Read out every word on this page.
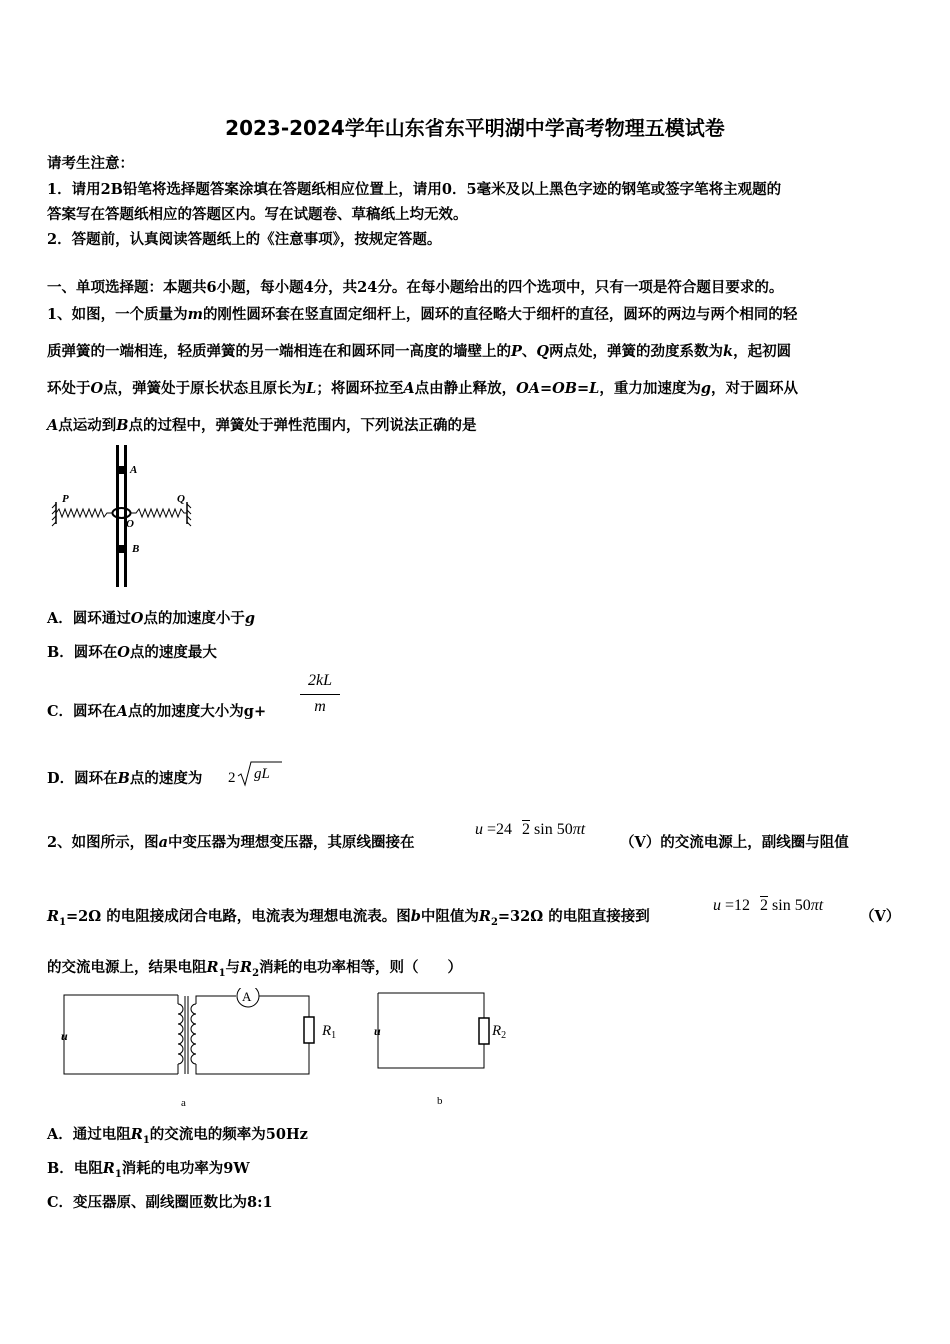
2023-2024学年山东省东平明湖中学高考物理五模试卷
请考生注意：
1．请用2B铅笔将选择题答案涂填在答题纸相应位置上，请用0．5毫米及以上黑色字迹的钢笔或签字笔将主观题的
答案写在答题纸相应的答题区内。写在试题卷、草稿纸上均无效。
2．答题前，认真阅读答题纸上的《注意事项》，按规定答题。
一、单项选择题：本题共6小题，每小题4分，共24分。在每小题给出的四个选项中，只有一项是符合题目要求的。
1、如图，一个质量为m的刚性圆环套在竖直固定细杆上，圆环的直径略大于细杆的直径，圆环的两边与两个相同的轻
质弹簧的一端相连，轻质弹簧的另一端相连在和圆环同一高度的墙壁上的P、Q两点处，弹簧的劲度系数为k，起初圆
环处于O点，弹簧处于原长状态且原长为L；将圆环拉至A点由静止释放，OA=OB=L，重力加速度为g，对于圆环从
A点运动到B点的过程中，弹簧处于弹性范围内，下列说法正确的是
A
O
B
P	Q
A．圆环通过O点的加速度小于g
B．圆环在O点的速度最大
C．圆环在A点的加速度大小为$g+ \frac{2kL}{m}$
D．圆环在B点的速度为 2 gL
2、如图所示，图a中变压器为理想变压器，其原线圈接在
u =24 2 sin 50πt
（V）的交流电源上，副线圈与阻值
$R_1=2\Omega$ 的电阻接成闭合电路，电流表为理想电流表。图b中阻值为$R_2=32\Omega$ 的电阻直接接到
u =12 2 sin 50πt
（V）
的交流电源上，结果电阻$R_1$与$R_2$消耗的电功率相等，则（　　）
A
$R_1$
u
a
$R_2$
u
b
A．通过电阻$R_1$的交流电的频率为50Hz
B．电阻$R_1$消耗的电功率为9W
C．变压器原、副线圈匝数比为8:1
